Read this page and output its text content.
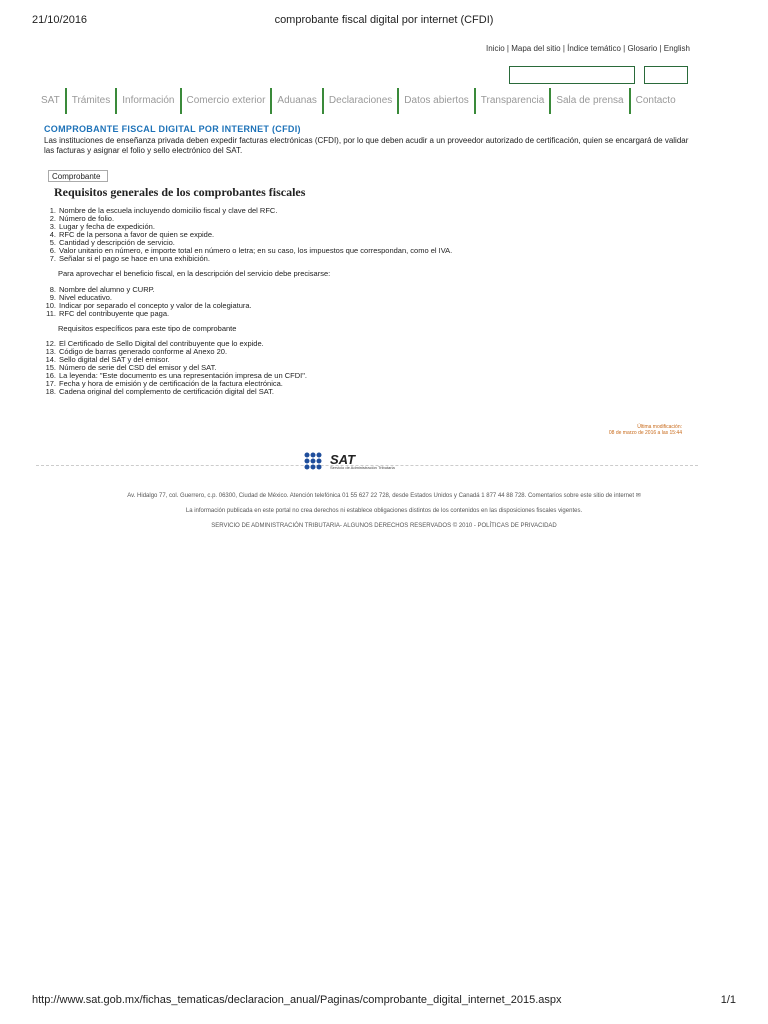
21/10/2016	comprobante fiscal digital por internet (CFDI)
Inicio | Mapa del sitio | Índice temático | Glosario | English
SAT	Trámites	Información	Comercio exterior	Aduanas	Declaraciones	Datos abiertos	Transparencia	Sala de prensa	Contacto
COMPROBANTE FISCAL DIGITAL POR INTERNET (CFDI)
Las instituciones de enseñanza privada deben expedir facturas electrónicas (CFDI), por lo que deben acudir a un proveedor autorizado de certificación, quien se encargará de validar las facturas y asignar el folio y sello electrónico del SAT.
Comprobante
Requisitos generales de los comprobantes fiscales
1. Nombre de la escuela incluyendo domicilio fiscal y clave del RFC.
2. Número de folio.
3. Lugar y fecha de expedición.
4. RFC de la persona a favor de quien se expide.
5. Cantidad y descripción de servicio.
6. Valor unitario en número, e importe total en número o letra; en su caso, los impuestos que correspondan, como el IVA.
7. Señalar si el pago se hace en una exhibición.
Para aprovechar el beneficio fiscal, en la descripción del servicio debe precisarse:
8. Nombre del alumno y CURP.
9. Nivel educativo.
10. Indicar por separado el concepto y valor de la colegiatura.
11. RFC del contribuyente que paga.
Requisitos específicos para este tipo de comprobante
12. El Certificado de Sello Digital del contribuyente que lo expide.
13. Código de barras generado conforme al Anexo 20.
14. Sello digital del SAT y del emisor.
15. Número de serie del CSD del emisor y del SAT.
16. La leyenda: "Este documento es una representación impresa de un CFDI".
17. Fecha y hora de emisión y de certificación de la factura electrónica.
18. Cadena original del complemento de certificación digital del SAT.
Última modificación:
08 de marzo de 2016 a las 15:44
SAT
Servicio de Administración Tributaria
Av. Hidalgo 77, col. Guerrero, c.p. 06300, Ciudad de México. Atención telefónica 01 55 627 22 728, desde Estados Unidos y Canadá 1 877 44 88 728. Comentarios sobre este sitio de internet ✉
La información publicada en este portal no crea derechos ni establece obligaciones distintos de los contenidos en las disposiciones fiscales vigentes.
SERVICIO DE ADMINISTRACIÓN TRIBUTARIA- ALGUNOS DERECHOS RESERVADOS © 2010 - POLÍTICAS DE PRIVACIDAD
http://www.sat.gob.mx/fichas_tematicas/declaracion_anual/Paginas/comprobante_digital_internet_2015.aspx	1/1
